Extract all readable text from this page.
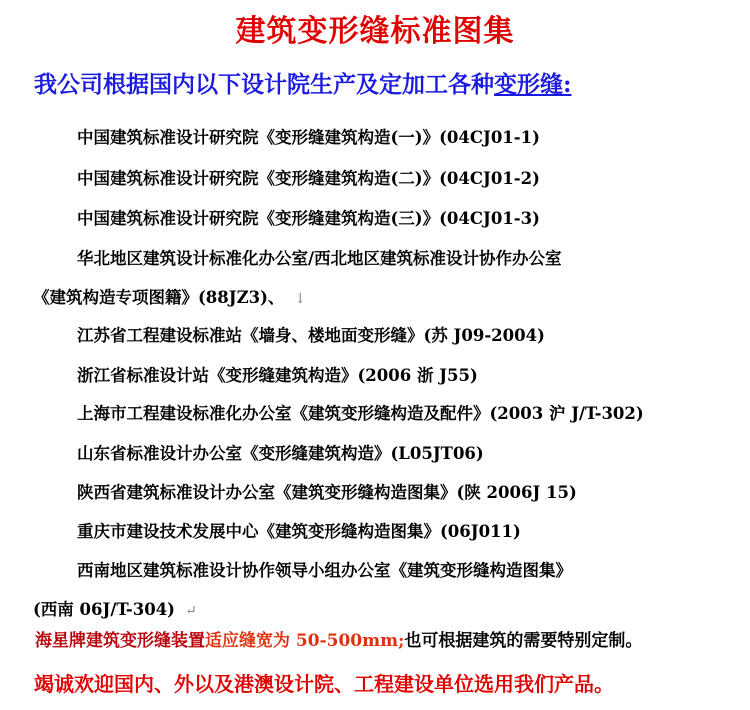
建筑变形缝标准图集
我公司根据国内以下设计院生产及定加工各种变形缝:
中国建筑标准设计研究院《变形缝建筑构造(一)》(04CJ01-1)
中国建筑标准设计研究院《变形缝建筑构造(二)》(04CJ01-2)
中国建筑标准设计研究院《变形缝建筑构造(三)》(04CJ01-3)
华北地区建筑设计标准化办公室/西北地区建筑标准设计协作办公室
《建筑构造专项图籍》(88JZ3)、 ↓
江苏省工程建设标准站《墙身、楼地面变形缝》(苏 J09-2004)
浙江省标准设计站《变形缝建筑构造》(2006 浙 J55)
上海市工程建设标准化办公室《建筑变形缝构造及配件》(2003 沪 J/T-302)
山东省标准设计办公室《变形缝建筑构造》(L05JT06)
陕西省建筑标准设计办公室《建筑变形缝构造图集》(陕 2006J 15)
重庆市建设技术发展中心《建筑变形缝构造图集》(06J011)
西南地区建筑标准设计协作领导小组办公室《建筑变形缝构造图集》
(西南 06J/T-304) ↵
海星牌建筑变形缝装置适应缝宽为 50-500mm;也可根据建筑的需要特别定制。
竭诚欢迎国内、外以及港澳设计院、工程建设单位选用我们产品。
